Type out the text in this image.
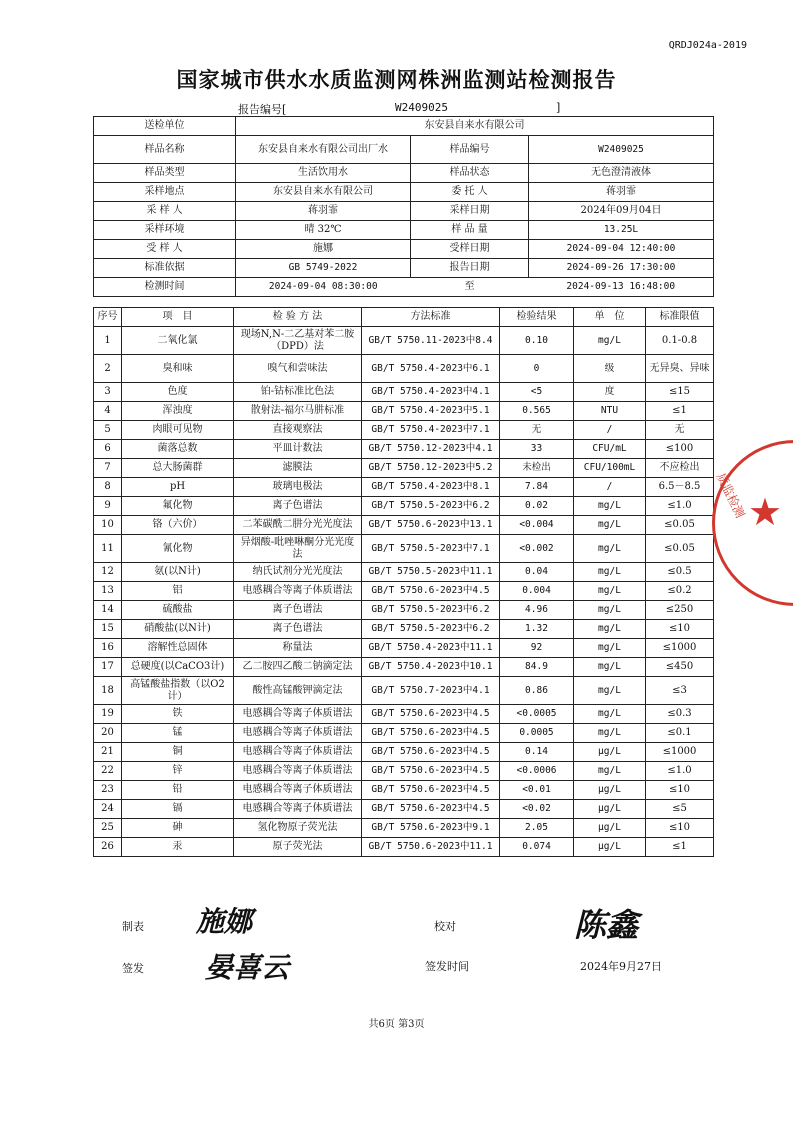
QRDJ024a-2019
国家城市供水水质监测网株洲监测站检测报告
报告编号[	W2409025	]
送检单位	东安县自来水有限公司		
样品名称	东安县自来水有限公司出厂水	样品编号	W2409025
样品类型	生活饮用水	样品状态	无色澄清液体
采样地点	东安县自来水有限公司	委 托 人	蒋羽霏
采 样 人	蒋羽霏	采样日期	2024年09月04日
采样环境	晴 32℃	样 品 量	13.25L
受 样 人	施娜	受样日期	2024-09-04 12:40:00
标准依据	GB 5749-2022	报告日期	2024-09-26 17:30:00
检测时间	2024-09-04 08:30:00	至	2024-09-13 16:48:00
序号	项　目	检 验 方 法	方法标准	检验结果	单　位	标准限值
1	二氧化氯	现场N,N-二乙基对苯二胺（DPD）法	GB/T 5750.11-2023中8.4	0.10	mg/L	0.1-0.8
2	臭和味	嗅气和尝味法	GB/T 5750.4-2023中6.1	0	级	无异臭、异味
3	色度	铂-钴标准比色法	GB/T 5750.4-2023中4.1	<5	度	≤15
4	浑浊度	散射法-福尔马肼标准	GB/T 5750.4-2023中5.1	0.565	NTU	≤1
5	肉眼可见物	直接观察法	GB/T 5750.4-2023中7.1	无	/	无
6	菌落总数	平皿计数法	GB/T 5750.12-2023中4.1	33	CFU/mL	≤100
7	总大肠菌群	滤膜法	GB/T 5750.12-2023中5.2	未检出	CFU/100mL	不应检出
8	pH	玻璃电极法	GB/T 5750.4-2023中8.1	7.84	/	6.5－8.5
9	氟化物	离子色谱法	GB/T 5750.5-2023中6.2	0.02	mg/L	≤1.0
10	铬（六价）	二苯碳酰二肼分光光度法	GB/T 5750.6-2023中13.1	<0.004	mg/L	≤0.05
11	氰化物	异烟酸-吡唑啉酮分光光度法	GB/T 5750.5-2023中7.1	<0.002	mg/L	≤0.05
12	氨(以N计)	纳氏试剂分光光度法	GB/T 5750.5-2023中11.1	0.04	mg/L	≤0.5
13	铝	电感耦合等离子体质谱法	GB/T 5750.6-2023中4.5	0.004	mg/L	≤0.2
14	硫酸盐	离子色谱法	GB/T 5750.5-2023中6.2	4.96	mg/L	≤250
15	硝酸盐(以N计)	离子色谱法	GB/T 5750.5-2023中6.2	1.32	mg/L	≤10
16	溶解性总固体	称量法	GB/T 5750.4-2023中11.1	92	mg/L	≤1000
17	总硬度(以CaCO3计)	乙二胺四乙酸二钠滴定法	GB/T 5750.4-2023中10.1	84.9	mg/L	≤450
18	高锰酸盐指数（以O2计）	酸性高锰酸钾滴定法	GB/T 5750.7-2023中4.1	0.86	mg/L	≤3
19	铁	电感耦合等离子体质谱法	GB/T 5750.6-2023中4.5	<0.0005	mg/L	≤0.3
20	锰	电感耦合等离子体质谱法	GB/T 5750.6-2023中4.5	0.0005	mg/L	≤0.1
21	铜	电感耦合等离子体质谱法	GB/T 5750.6-2023中4.5	0.14	μg/L	≤1000
22	锌	电感耦合等离子体质谱法	GB/T 5750.6-2023中4.5	<0.0006	mg/L	≤1.0
23	铅	电感耦合等离子体质谱法	GB/T 5750.6-2023中4.5	<0.01	μg/L	≤10
24	镉	电感耦合等离子体质谱法	GB/T 5750.6-2023中4.5	<0.02	μg/L	≤5
25	砷	氢化物原子荧光法	GB/T 5750.6-2023中9.1	2.05	μg/L	≤10
26	汞	原子荧光法	GB/T 5750.6-2023中11.1	0.074	μg/L	≤1
★
质监检测
制表 施娜	校对	陈鑫
签发 晏喜云	签发时间	2024年9月27日
共6页 第3页
